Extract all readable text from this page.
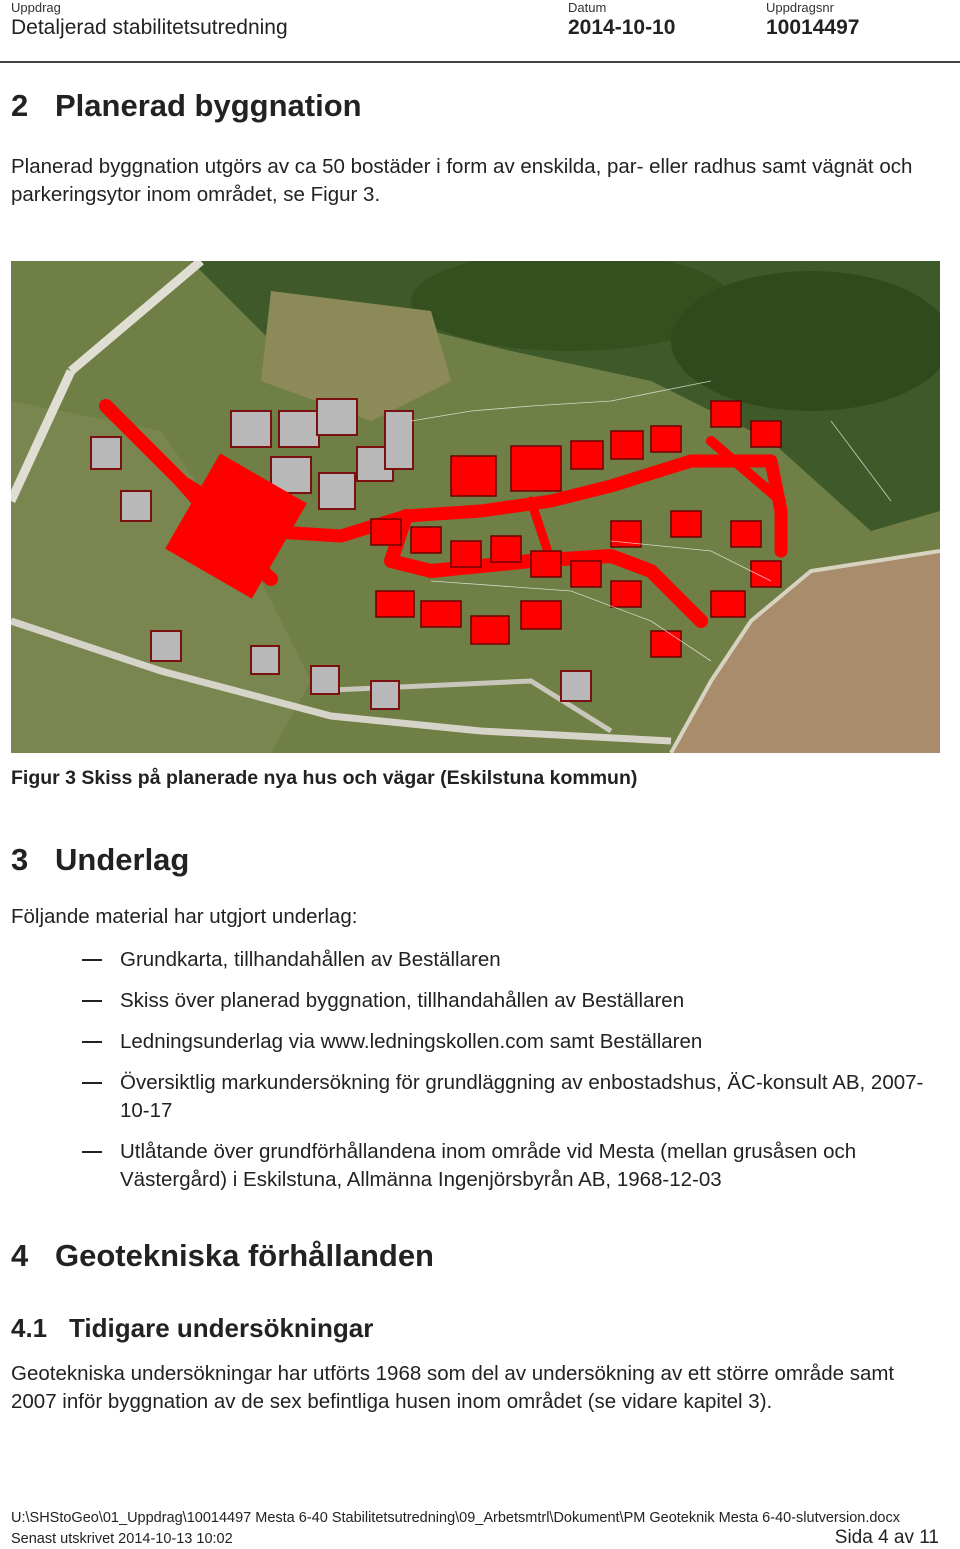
Uppdrag
Detaljerad stabilitetsutredning
Datum
2014-10-10
Uppdragsnr
10014497
2 Planerad byggnation

Planerad byggnation utgörs av ca 50 bostäder i form av enskilda, par- eller radhus samt vägnät och parkeringsytor inom området, se Figur 3.

Figur 3 Skiss på planerade nya hus och vägar (Eskilstuna kommun)

3 Underlag

Följande material har utgjort underlag:

Grundkarta, tillhandahållen av Beställaren
Skiss över planerad byggnation, tillhandahållen av Beställaren
Ledningsunderlag via www.ledningskollen.com samt Beställaren
Översiktlig markundersökning för grundläggning av enbostadshus, ÄC-konsult AB, 2007-10-17
Utlåtande över grundförhållandena inom område vid Mesta (mellan grusåsen och Västergård) i Eskilstuna, Allmänna Ingenjörsbyrån AB, 1968-12-03
4 Geotekniska förhållanden
4.1 Tidigare undersökningar

Geotekniska undersökningar har utförts 1968 som del av undersökning av ett större område samt 2007 inför byggnation av de sex befintliga husen inom området (se vidare kapitel 3).

U:\SHStoGeo\01_Uppdrag\10014497 Mesta 6-40 Stabilitetsutredning\09_Arbetsmtrl\Dokument\PM Geoteknik Mesta 6-40-slutversion.docx
Senast utskrivet 2014-10-13 10:02	Sida 4 av 11
